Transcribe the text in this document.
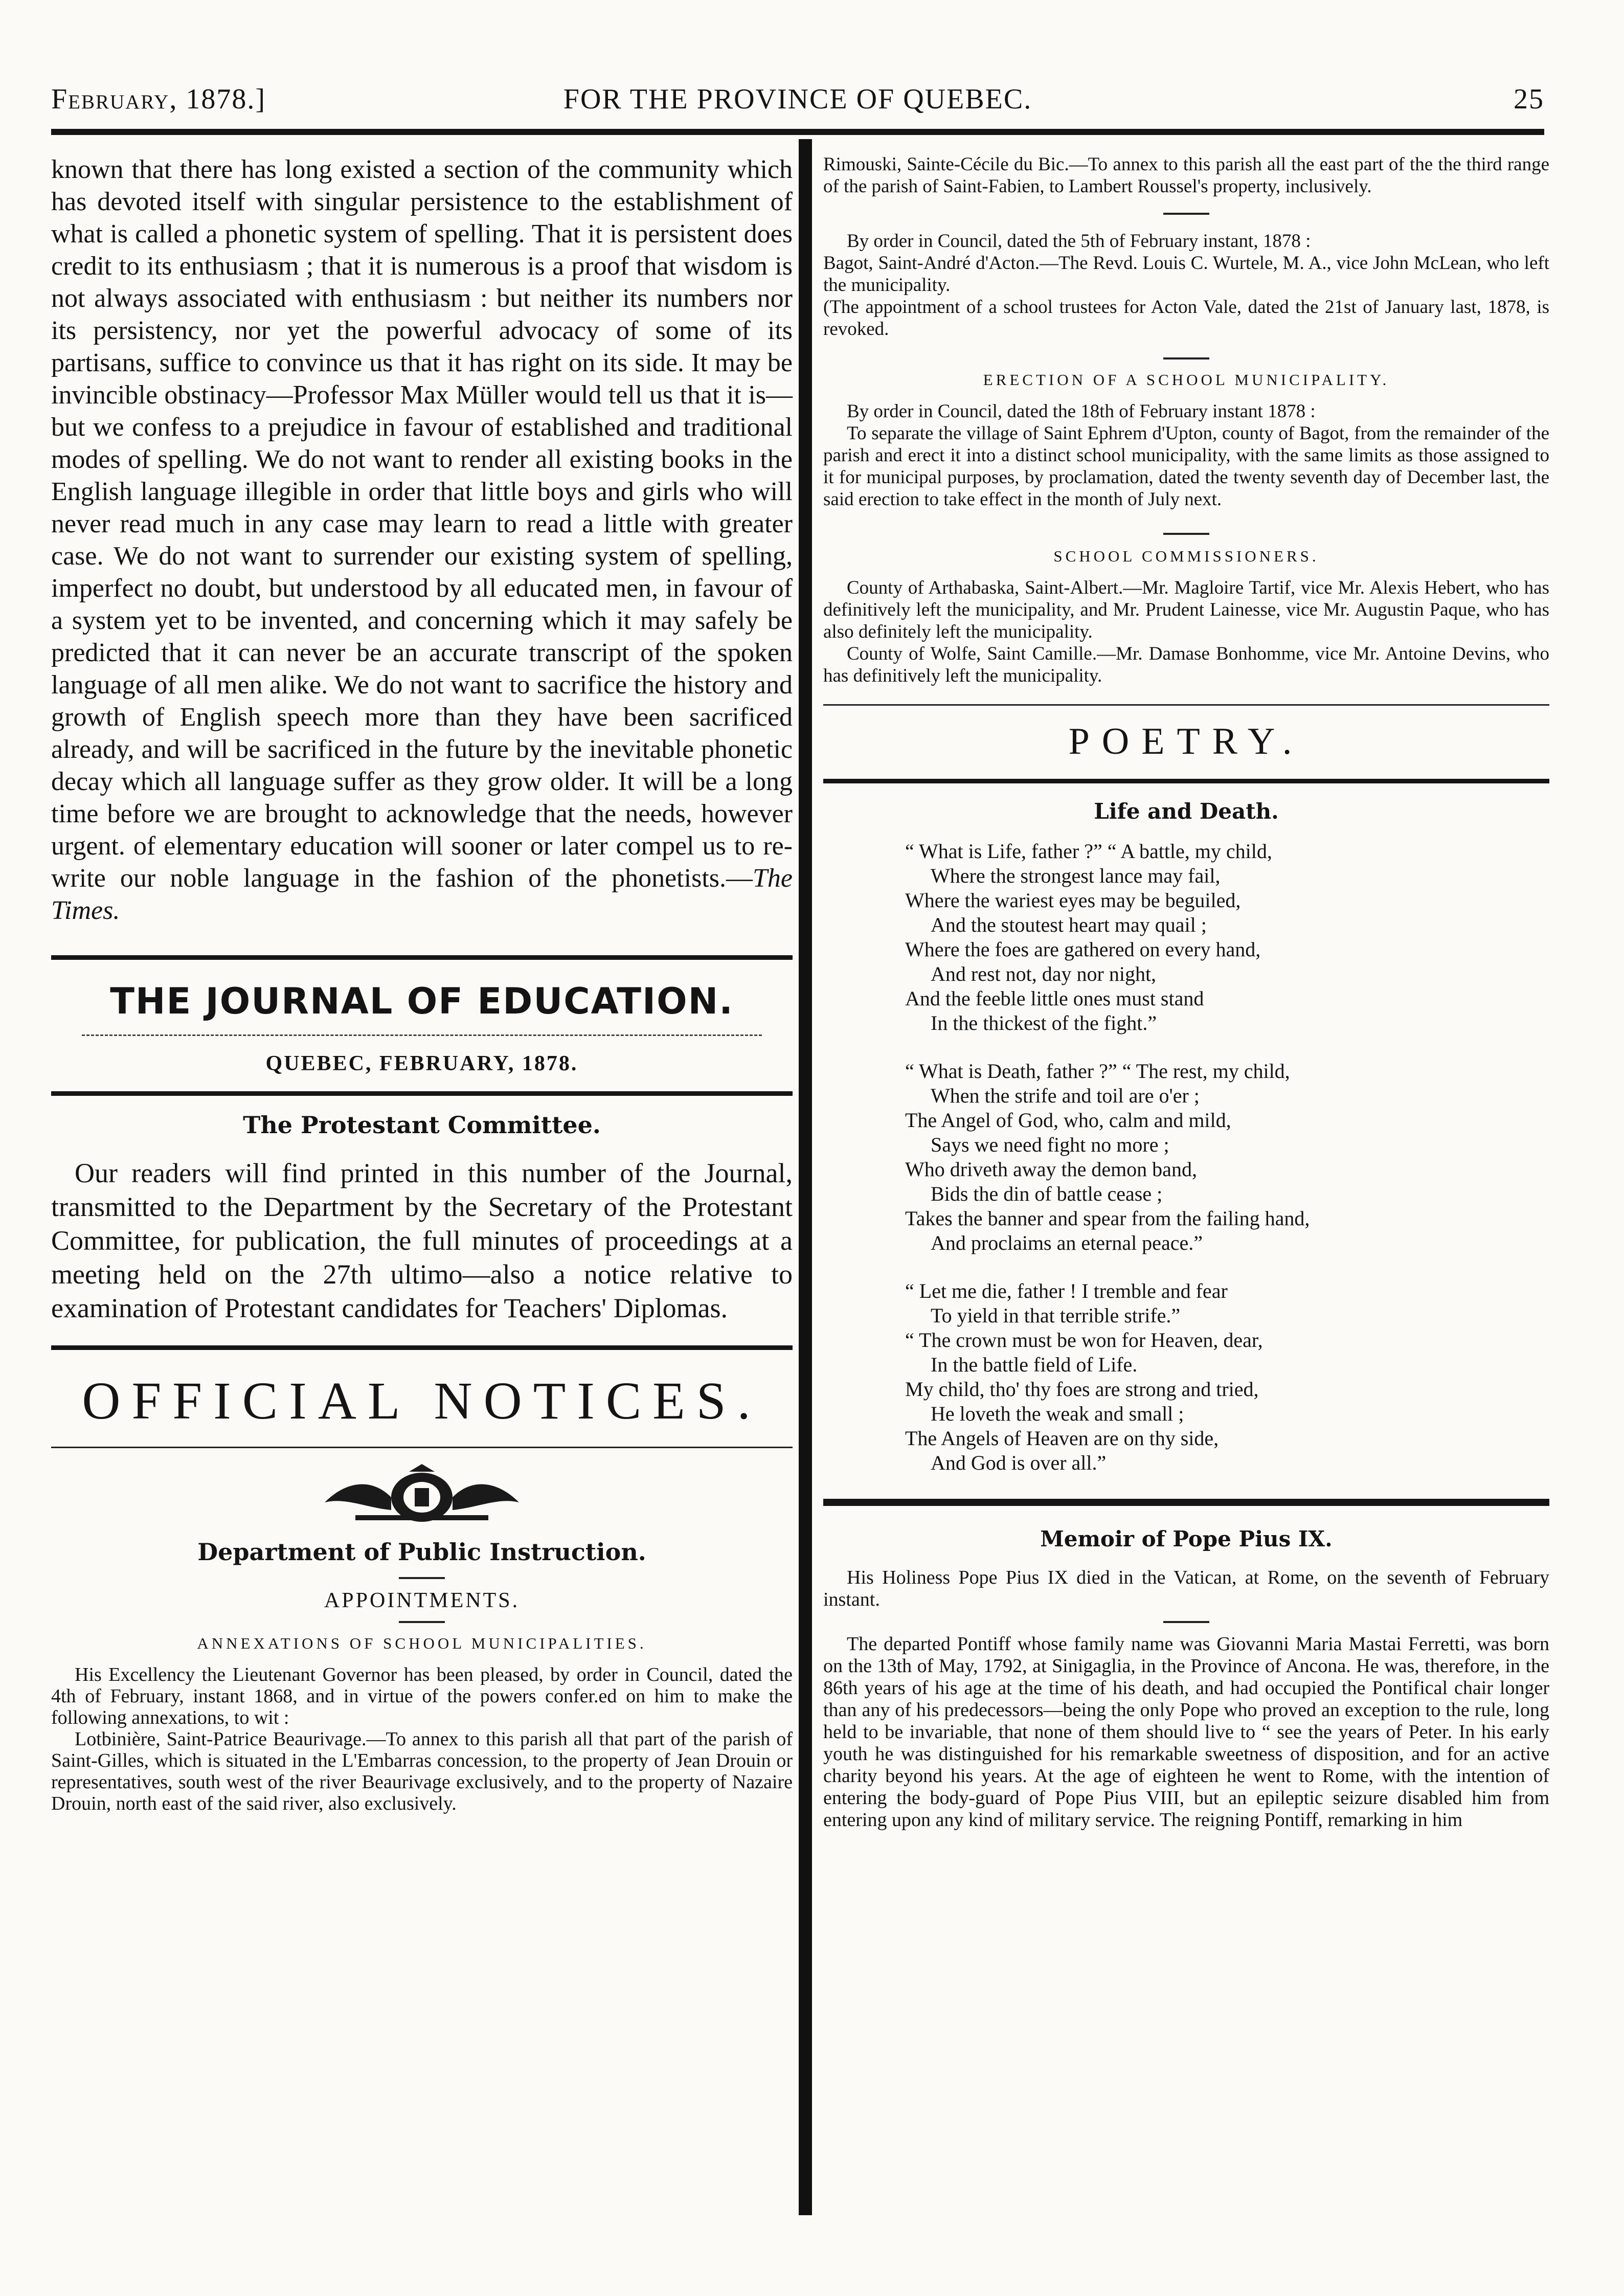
February, 1878.]	FOR THE PROVINCE OF QUEBEC.	25

known that there has long existed a section of the community which has devoted itself with singular persistence to the establishment of what is called a phonetic system of spelling. That it is persistent does credit to its enthusiasm ; that it is numerous is a proof that wisdom is not always associated with enthusiasm : but neither its numbers nor its persistency, nor yet the powerful advocacy of some of its partisans, suffice to convince us that it has right on its side. It may be invincible obstinacy—Professor Max Müller would tell us that it is—but we confess to a prejudice in favour of established and traditional modes of spelling. We do not want to render all existing books in the English language illegible in order that little boys and girls who will never read much in any case may learn to read a little with greater case. We do not want to surrender our existing system of spelling, imperfect no doubt, but understood by all educated men, in favour of a system yet to be invented, and concerning which it may safely be predicted that it can never be an accurate transcript of the spoken language of all men alike. We do not want to sacrifice the history and growth of English speech more than they have been sacrificed already, and will be sacrificed in the future by the inevitable phonetic decay which all language suffer as they grow older. It will be a long time before we are brought to acknowledge that the needs, however urgent. of elementary education will sooner or later compel us to re-write our noble language in the fashion of the phonetists.—The Times.

THE JOURNAL OF EDUCATION.
QUEBEC, FEBRUARY, 1878.
The Protestant Committee.

Our readers will find printed in this number of the Journal, transmitted to the Department by the Secretary of the Protestant Committee, for publication, the full minutes of proceedings at a meeting held on the 27th ultimo—also a notice relative to examination of Protestant candidates for Teachers' Diplomas.

OFFICIAL NOTICES.
Department of Public Instruction.
APPOINTMENTS.
ANNEXATIONS OF SCHOOL MUNICIPALITIES.

His Excellency the Lieutenant Governor has been pleased, by order in Council, dated the 4th of February, instant 1868, and in virtue of the powers confer.ed on him to make the following annexations, to wit :

Lotbinière, Saint-Patrice Beaurivage.—To annex to this parish all that part of the parish of Saint-Gilles, which is situated in the L'Embarras concession, to the property of Jean Drouin or representatives, south west of the river Beaurivage exclusively, and to the property of Nazaire Drouin, north east of the said river, also exclusively.

Rimouski, Sainte-Cécile du Bic.—To annex to this parish all the east part of the the third range of the parish of Saint-Fabien, to Lambert Roussel's property, inclusively.

By order in Council, dated the 5th of February instant, 1878 :

Bagot, Saint-André d'Acton.—The Revd. Louis C. Wurtele, M. A., vice John McLean, who left the municipality.

(The appointment of a school trustees for Acton Vale, dated the 21st of January last, 1878, is revoked.

ERECTION OF A SCHOOL MUNICIPALITY.

By order in Council, dated the 18th of February instant 1878 :

To separate the village of Saint Ephrem d'Upton, county of Bagot, from the remainder of the parish and erect it into a distinct school municipality, with the same limits as those assigned to it for municipal purposes, by proclamation, dated the twenty seventh day of December last, the said erection to take effect in the month of July next.

SCHOOL COMMISSIONERS.

County of Arthabaska, Saint-Albert.—Mr. Magloire Tartif, vice Mr. Alexis Hebert, who has definitively left the municipality, and Mr. Prudent Lainesse, vice Mr. Augustin Paque, who has also definitely left the municipality.

County of Wolfe, Saint Camille.—Mr. Damase Bonhomme, vice Mr. Antoine Devins, who has definitively left the municipality.

POETRY.
Life and Death.
“ What is Life, father ?” “ A battle, my child,
Where the strongest lance may fail,
Where the wariest eyes may be beguiled,
And the stoutest heart may quail ;
Where the foes are gathered on every hand,
And rest not, day nor night,
And the feeble little ones must stand
In the thickest of the fight.”
“ What is Death, father ?” “ The rest, my child,
When the strife and toil are o'er ;
The Angel of God, who, calm and mild,
Says we need fight no more ;
Who driveth away the demon band,
Bids the din of battle cease ;
Takes the banner and spear from the failing hand,
And proclaims an eternal peace.”
“ Let me die, father ! I tremble and fear
To yield in that terrible strife.”
“ The crown must be won for Heaven, dear,
In the battle field of Life.
My child, tho' thy foes are strong and tried,
He loveth the weak and small ;
The Angels of Heaven are on thy side,
And God is over all.”
Memoir of Pope Pius IX.

His Holiness Pope Pius IX died in the Vatican, at Rome, on the seventh of February instant.

The departed Pontiff whose family name was Giovanni Maria Mastai Ferretti, was born on the 13th of May, 1792, at Sinigaglia, in the Province of Ancona. He was, therefore, in the 86th years of his age at the time of his death, and had occupied the Pontifical chair longer than any of his predecessors—being the only Pope who proved an exception to the rule, long held to be invariable, that none of them should live to “ see the years of Peter. In his early youth he was distinguished for his remarkable sweetness of disposition, and for an active charity beyond his years. At the age of eighteen he went to Rome, with the intention of entering the body-guard of Pope Pius VIII, but an epileptic seizure disabled him from entering upon any kind of military service. The reigning Pontiff, remarking in him
